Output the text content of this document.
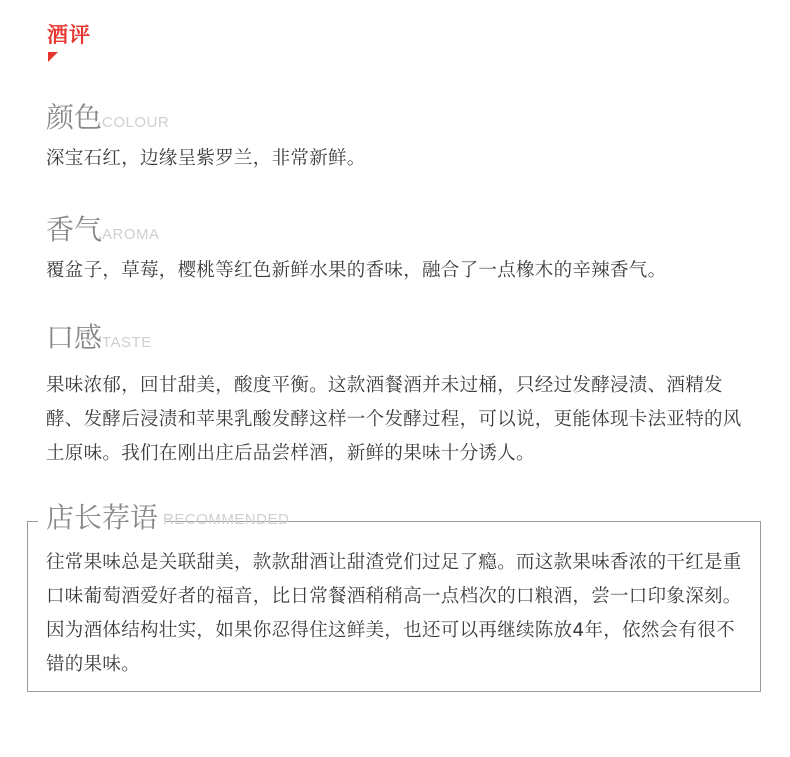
酒评
颜色 COLOUR

深宝石红，边缘呈紫罗兰，非常新鲜。

香气 AROMA

覆盆子，草莓，樱桃等红色新鲜水果的香味，融合了一点橡木的辛辣香气。

口感 TASTE

果味浓郁，回甘甜美，酸度平衡。这款酒餐酒并未过桶，只经过发酵浸渍、酒精发酵、发酵后浸渍和苹果乳酸发酵这样一个发酵过程，可以说，更能体现卡法亚特的风土原味。我们在刚出庄后品尝样酒，新鲜的果味十分诱人。

店长荐语 RECOMMENDED

往常果味总是关联甜美，款款甜酒让甜渣党们过足了瘾。而这款果味香浓的干红是重口味葡萄酒爱好者的福音，比日常餐酒稍稍高一点档次的口粮酒，尝一口印象深刻。因为酒体结构壮实，如果你忍得住这鲜美，也还可以再继续陈放4年，依然会有很不错的果味。
